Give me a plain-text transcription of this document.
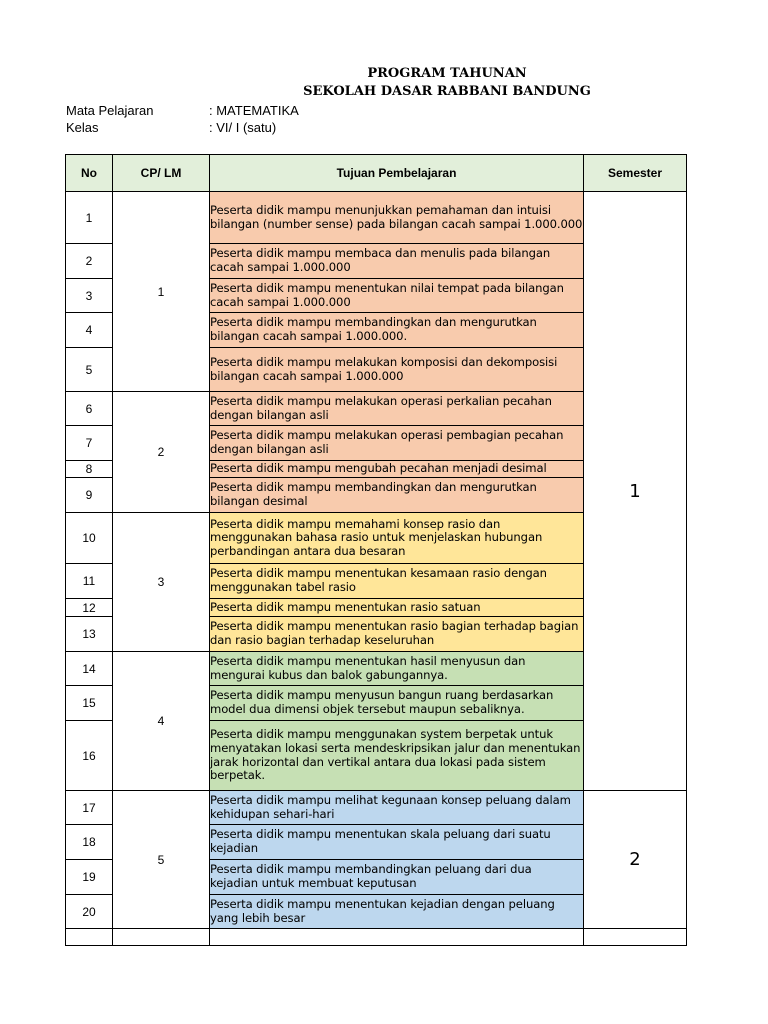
PROGRAM TAHUNAN
SEKOLAH DASAR RABBANI BANDUNG
Mata Pelajaran	: MATEMATIKA
Kelas	: VI/ I (satu)
No	CP/ LM	Tujuan Pembelajaran	Semester
1	1	Peserta didik mampu menunjukkan pemahaman dan intuisi bilangan (number sense) pada bilangan cacah sampai 1.000.000	1
2		Peserta didik mampu membaca dan menulis pada bilangan cacah sampai 1.000.000	
3		Peserta didik mampu menentukan nilai tempat pada bilangan cacah sampai 1.000.000	
4		Peserta didik mampu membandingkan dan mengurutkan bilangan cacah sampai 1.000.000.	
5		Peserta didik mampu melakukan komposisi dan dekomposisi bilangan cacah sampai 1.000.000	
6	2	Peserta didik mampu melakukan operasi perkalian pecahan dengan bilangan asli	
7		Peserta didik mampu melakukan operasi pembagian pecahan dengan bilangan asli	
8		Peserta didik mampu mengubah pecahan menjadi desimal	
9		Peserta didik mampu membandingkan dan mengurutkan bilangan desimal	
10	3	Peserta didik mampu memahami konsep rasio dan menggunakan bahasa rasio untuk menjelaskan hubungan perbandingan antara dua besaran	
11		Peserta didik mampu menentukan kesamaan rasio dengan menggunakan tabel rasio	
12		Peserta didik mampu menentukan rasio satuan	
13		Peserta didik mampu menentukan rasio bagian terhadap bagian dan rasio bagian terhadap keseluruhan	
14	4	Peserta didik mampu menentukan hasil menyusun dan mengurai kubus dan balok gabungannya.	
15		Peserta didik mampu menyusun bangun ruang berdasarkan model dua dimensi objek tersebut maupun sebaliknya.	
16		Peserta didik mampu menggunakan system berpetak untuk menyatakan lokasi serta mendeskripsikan jalur dan menentukan jarak horizontal dan vertikal antara dua lokasi pada sistem berpetak.	
17	5	Peserta didik mampu melihat kegunaan konsep peluang dalam kehidupan sehari-hari	2
18		Peserta didik mampu menentukan skala peluang dari suatu kejadian	
19		Peserta didik mampu membandingkan peluang dari dua kejadian untuk membuat keputusan	
20		Peserta didik mampu menentukan kejadian dengan peluang yang lebih besar	
